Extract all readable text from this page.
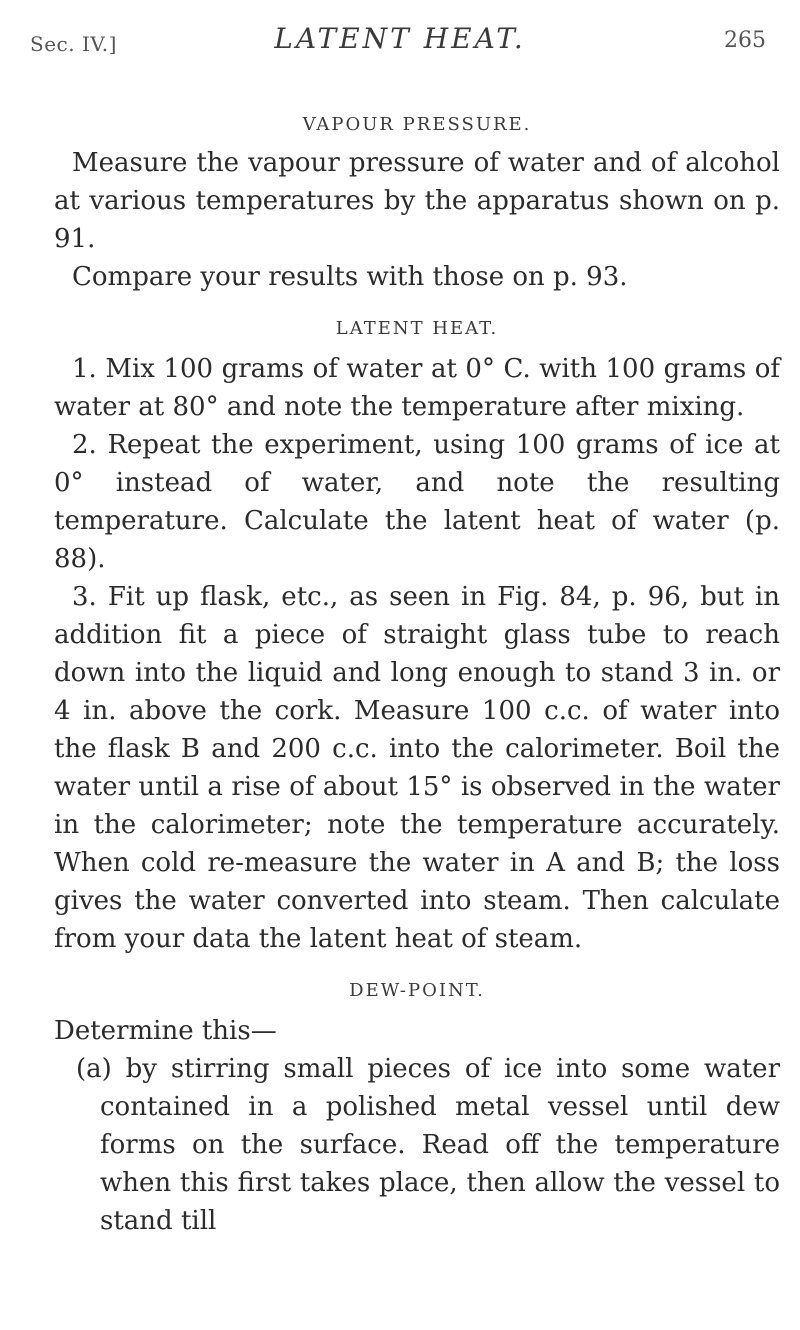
Sec. IV.]	LATENT HEAT.	265
VAPOUR PRESSURE.

Measure the vapour pressure of water and of alcohol at various temperatures by the apparatus shown on p. 91.

Compare your results with those on p. 93.

LATENT HEAT.

1. Mix 100 grams of water at 0° C. with 100 grams of water at 80° and note the temperature after mixing.

2. Repeat the experiment, using 100 grams of ice at 0° instead of water, and note the resulting temperature. Calculate the latent heat of water (p. 88).

3. Fit up flask, etc., as seen in Fig. 84, p. 96, but in addition fit a piece of straight glass tube to reach down into the liquid and long enough to stand 3 in. or 4 in. above the cork. Measure 100 c.c. of water into the flask B and 200 c.c. into the calorimeter. Boil the water until a rise of about 15° is observed in the water in the calorimeter; note the temperature accurately. When cold re-measure the water in A and B; the loss gives the water converted into steam. Then calculate from your data the latent heat of steam.

DEW-POINT.

Determine this—

(a) by stirring small pieces of ice into some water contained in a polished metal vessel until dew forms on the surface. Read off the temperature when this first takes place, then allow the vessel to stand till
